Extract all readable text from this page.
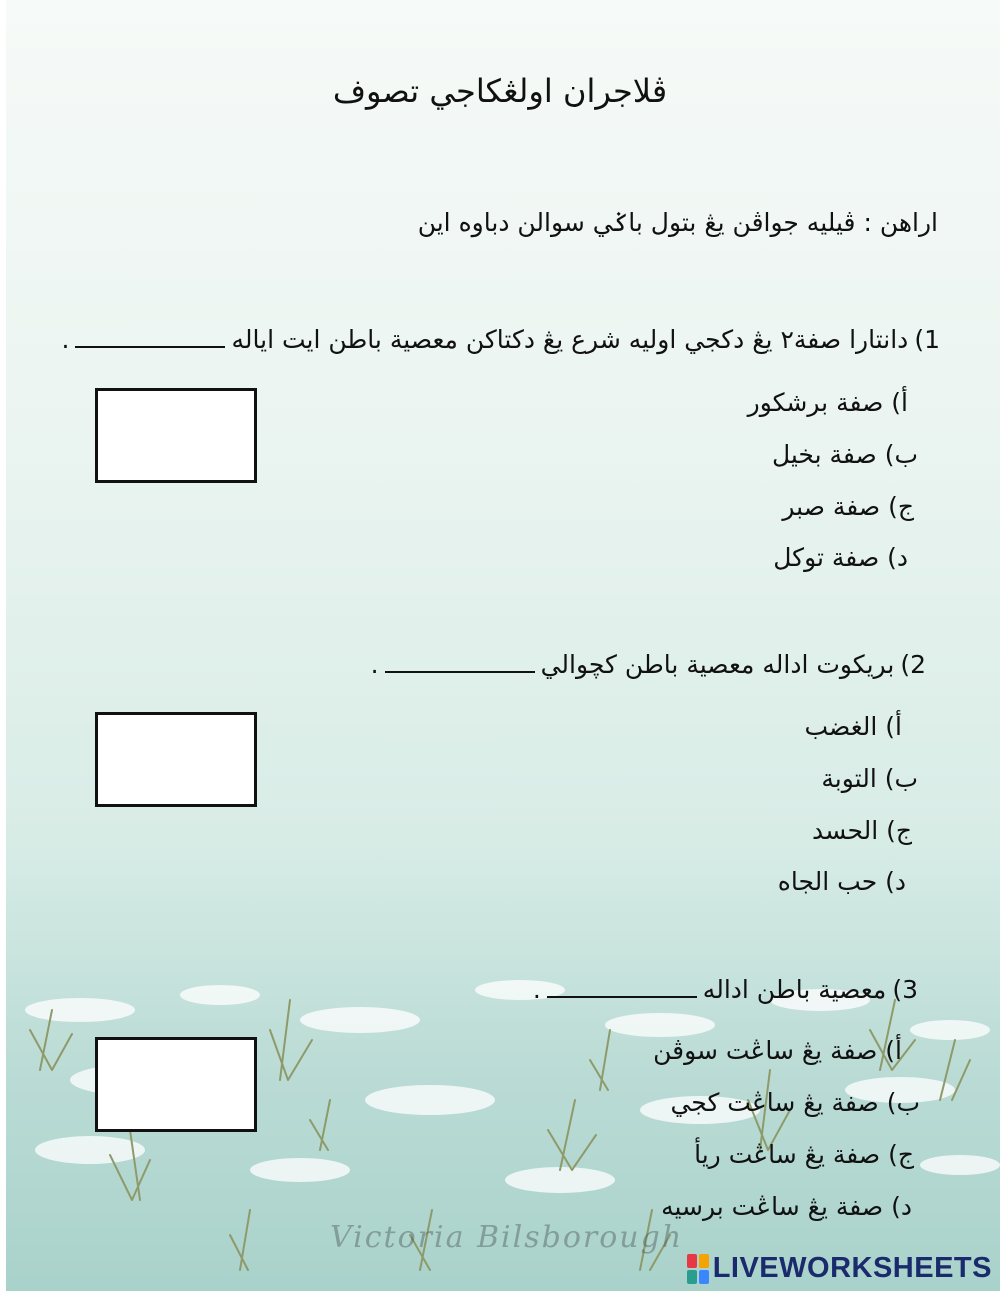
ڤلاجران اولڠكاجي تصوف
اراهن : ڤيليه جواڤن يڠ بتول باݢي سوالن دباوه اين
1)
دانتارا صفة٢ يڠ دكجي اوليه شرع يڠ دكتاكن معصية باطن ايت اياله
.
أ) صفة برشكور
ب) صفة بخيل
ج) صفة صبر
د) صفة توكل
2)
بريكوت اداله معصية باطن كچوالي
.
أ) الغضب
ب) التوبة
ج) الحسد
د) حب الجاه
3)
معصية باطن اداله
.
أ) صفة يڠ ساڠت سوڤن
ب) صفة يڠ ساڠت كجي
ج) صفة يڠ ساڠت ريأ
د) صفة يڠ ساڠت برسيه
Victoria Bilsborough
LIVEWORKSHEETS
